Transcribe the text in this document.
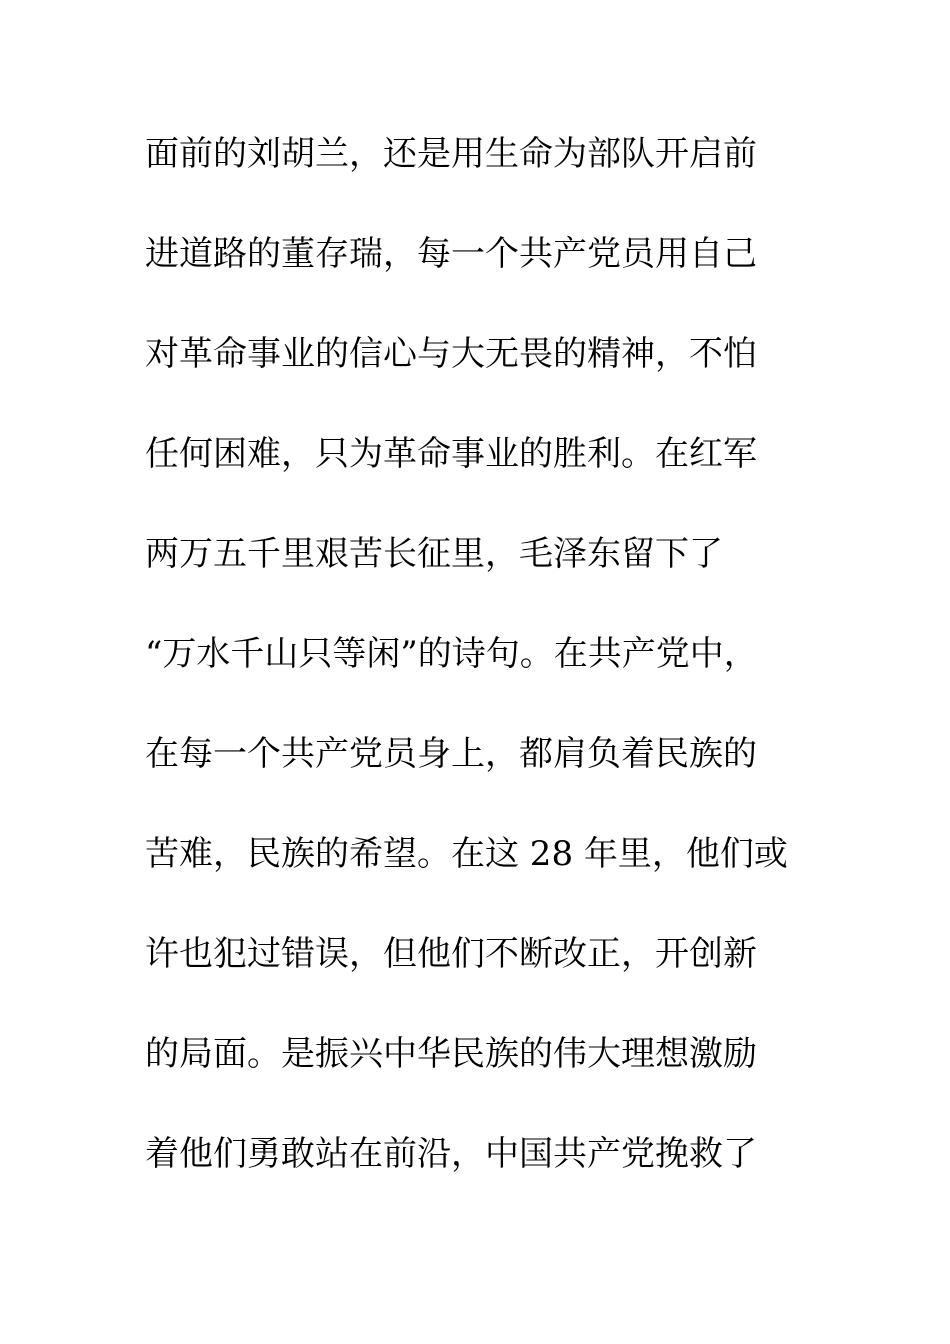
面前的刘胡兰，还是用生命为部队开启前
进道路的董存瑞，每一个共产党员用自己
对革命事业的信心与大无畏的精神，不怕
任何困难，只为革命事业的胜利。在红军
两万五千里艰苦长征里，毛泽东留下了
“万水千山只等闲”的诗句。在共产党中，
在每一个共产党员身上，都肩负着民族的
苦难，民族的希望。在这 28 年里，他们或
许也犯过错误，但他们不断改正，开创新
的局面。是振兴中华民族的伟大理想激励
着他们勇敢站在前沿，中国共产党挽救了
